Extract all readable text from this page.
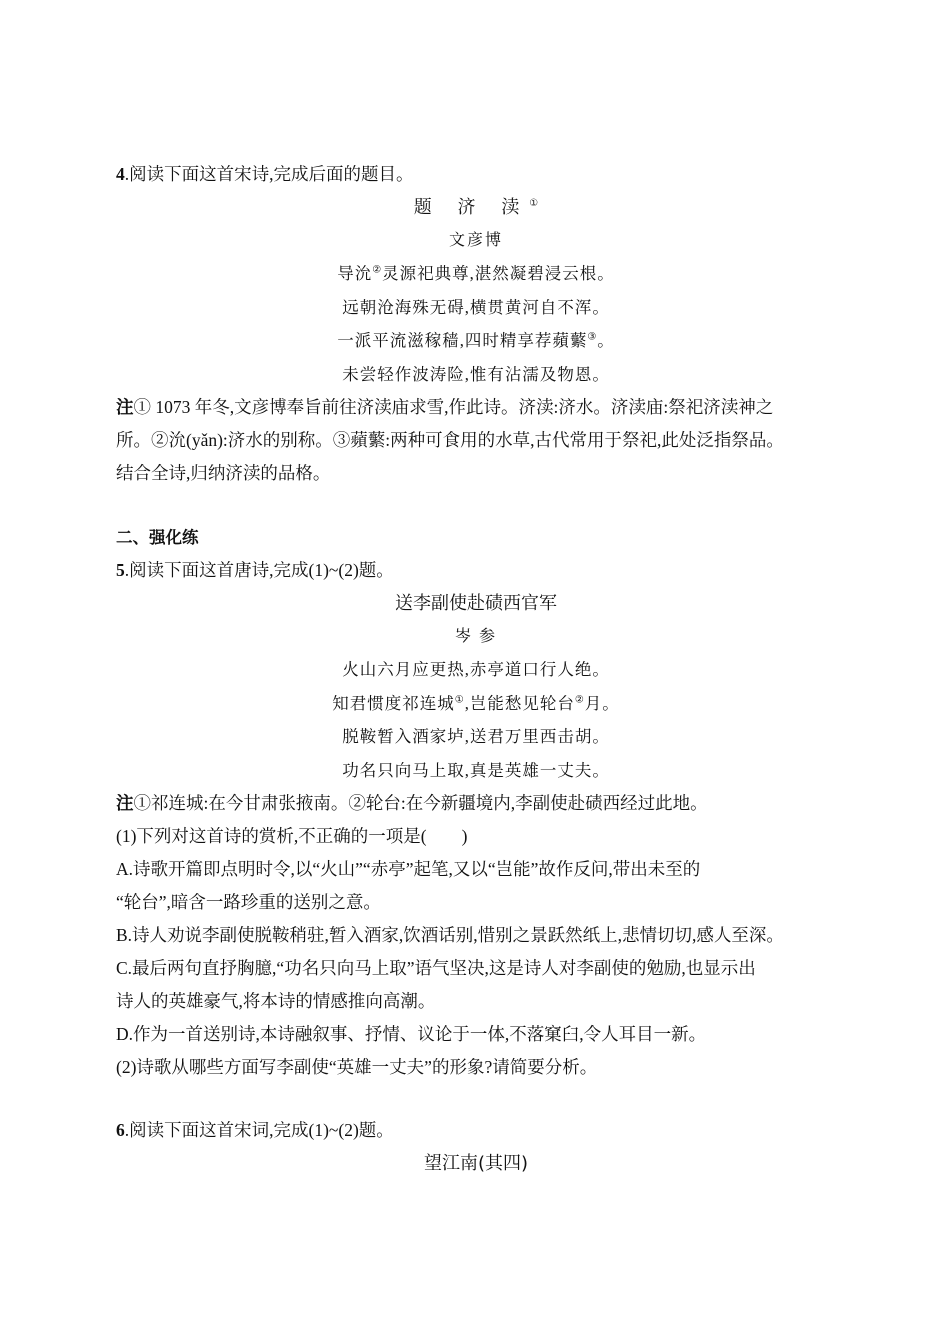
4.阅读下面这首宋诗,完成后面的题目。
题 济 渎①
文彦博
导沇②灵源祀典尊,湛然凝碧浸云根。
远朝沧海殊无碍,横贯黄河自不浑。
一派平流滋稼穑,四时精享荐蘋蘩③。
未尝轻作波涛险,惟有沾濡及物恩。
注① 1073 年冬,文彦博奉旨前往济渎庙求雪,作此诗。济渎:济水。济渎庙:祭祀济渎神之
所。②沇(yǎn):济水的别称。③蘋蘩:两种可食用的水草,古代常用于祭祀,此处泛指祭品。
结合全诗,归纳济渎的品格。
二、强化练
5.阅读下面这首唐诗,完成(1)~(2)题。
送李副使赴碛西官军
岑 参
火山六月应更热,赤亭道口行人绝。
知君惯度祁连城①,岂能愁见轮台②月。
脱鞍暂入酒家垆,送君万里西击胡。
功名只向马上取,真是英雄一丈夫。
注①祁连城:在今甘肃张掖南。②轮台:在今新疆境内,李副使赴碛西经过此地。
(1)下列对这首诗的赏析,不正确的一项是(　　)
A.诗歌开篇即点明时令,以“火山”“赤亭”起笔,又以“岂能”故作反问,带出未至的
“轮台”,暗含一路珍重的送别之意。
B.诗人劝说李副使脱鞍稍驻,暂入酒家,饮酒话别,惜别之景跃然纸上,悲情切切,感人至深。
C.最后两句直抒胸臆,“功名只向马上取”语气坚决,这是诗人对李副使的勉励,也显示出
诗人的英雄豪气,将本诗的情感推向高潮。
D.作为一首送别诗,本诗融叙事、抒情、议论于一体,不落窠臼,令人耳目一新。
(2)诗歌从哪些方面写李副使“英雄一丈夫”的形象?请简要分析。
6.阅读下面这首宋词,完成(1)~(2)题。
望江南(其四)
